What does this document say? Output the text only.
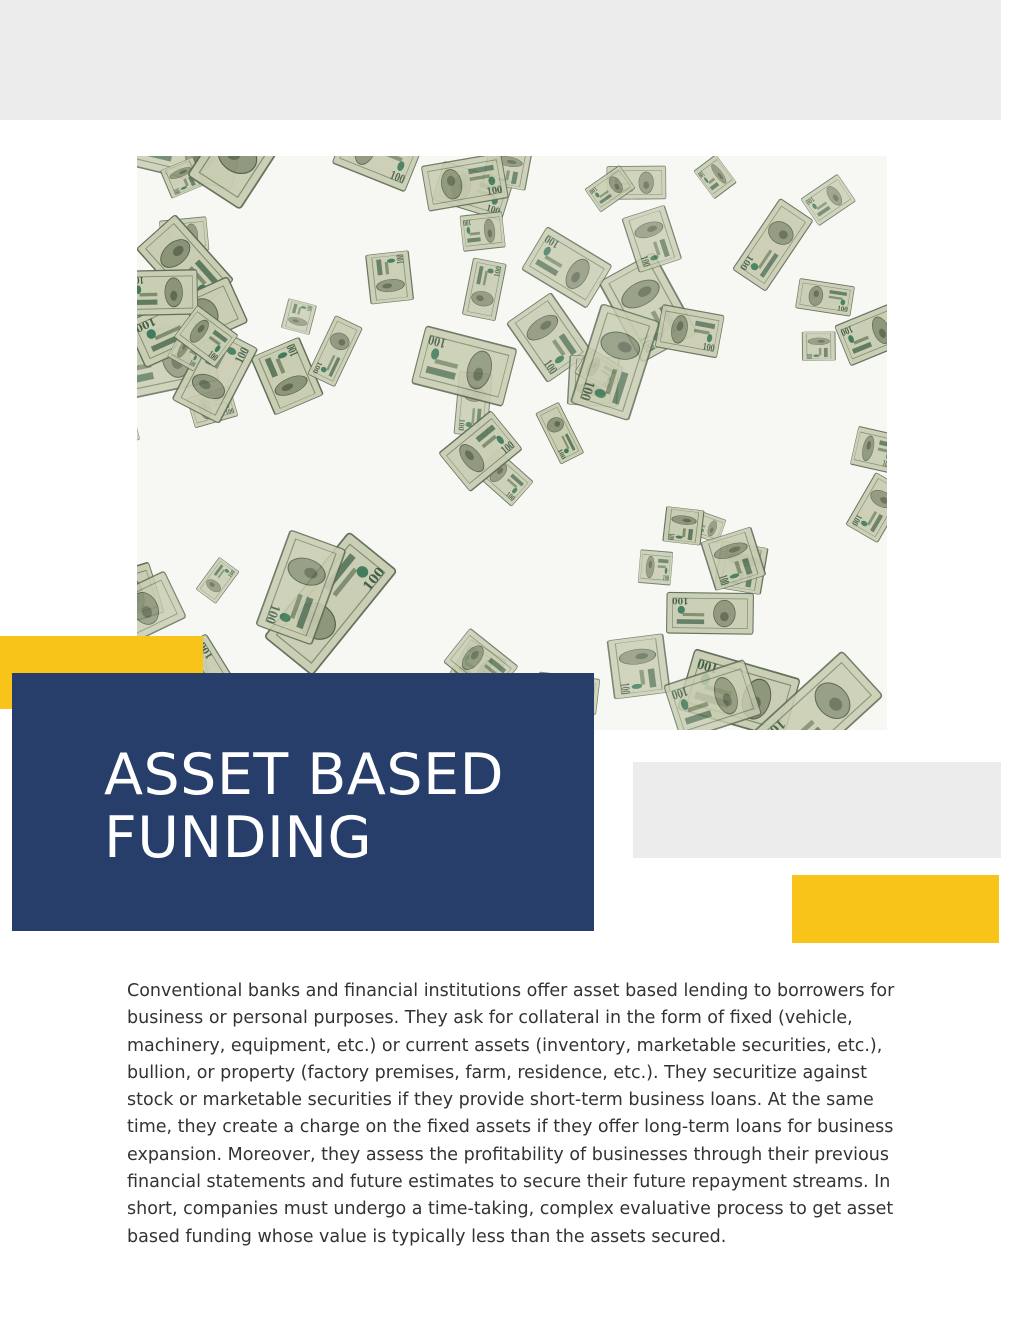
ASSET BASED FUNDING

Conventional banks and financial institutions offer asset based lending to borrowers for business or personal purposes. They ask for collateral in the form of fixed (vehicle, machinery, equipment, etc.) or current assets (inventory, marketable securities, etc.), bullion, or property (factory premises, farm, residence, etc.). They securitize against stock or marketable securities if they provide short-term business loans. At the same time, they create a charge on the fixed assets if they offer long-term loans for business expansion. Moreover, they assess the profitability of businesses through their previous financial statements and future estimates to secure their future repayment streams. In short, companies must undergo a time-taking, complex evaluative process to get asset based funding whose value is typically less than the assets secured.
